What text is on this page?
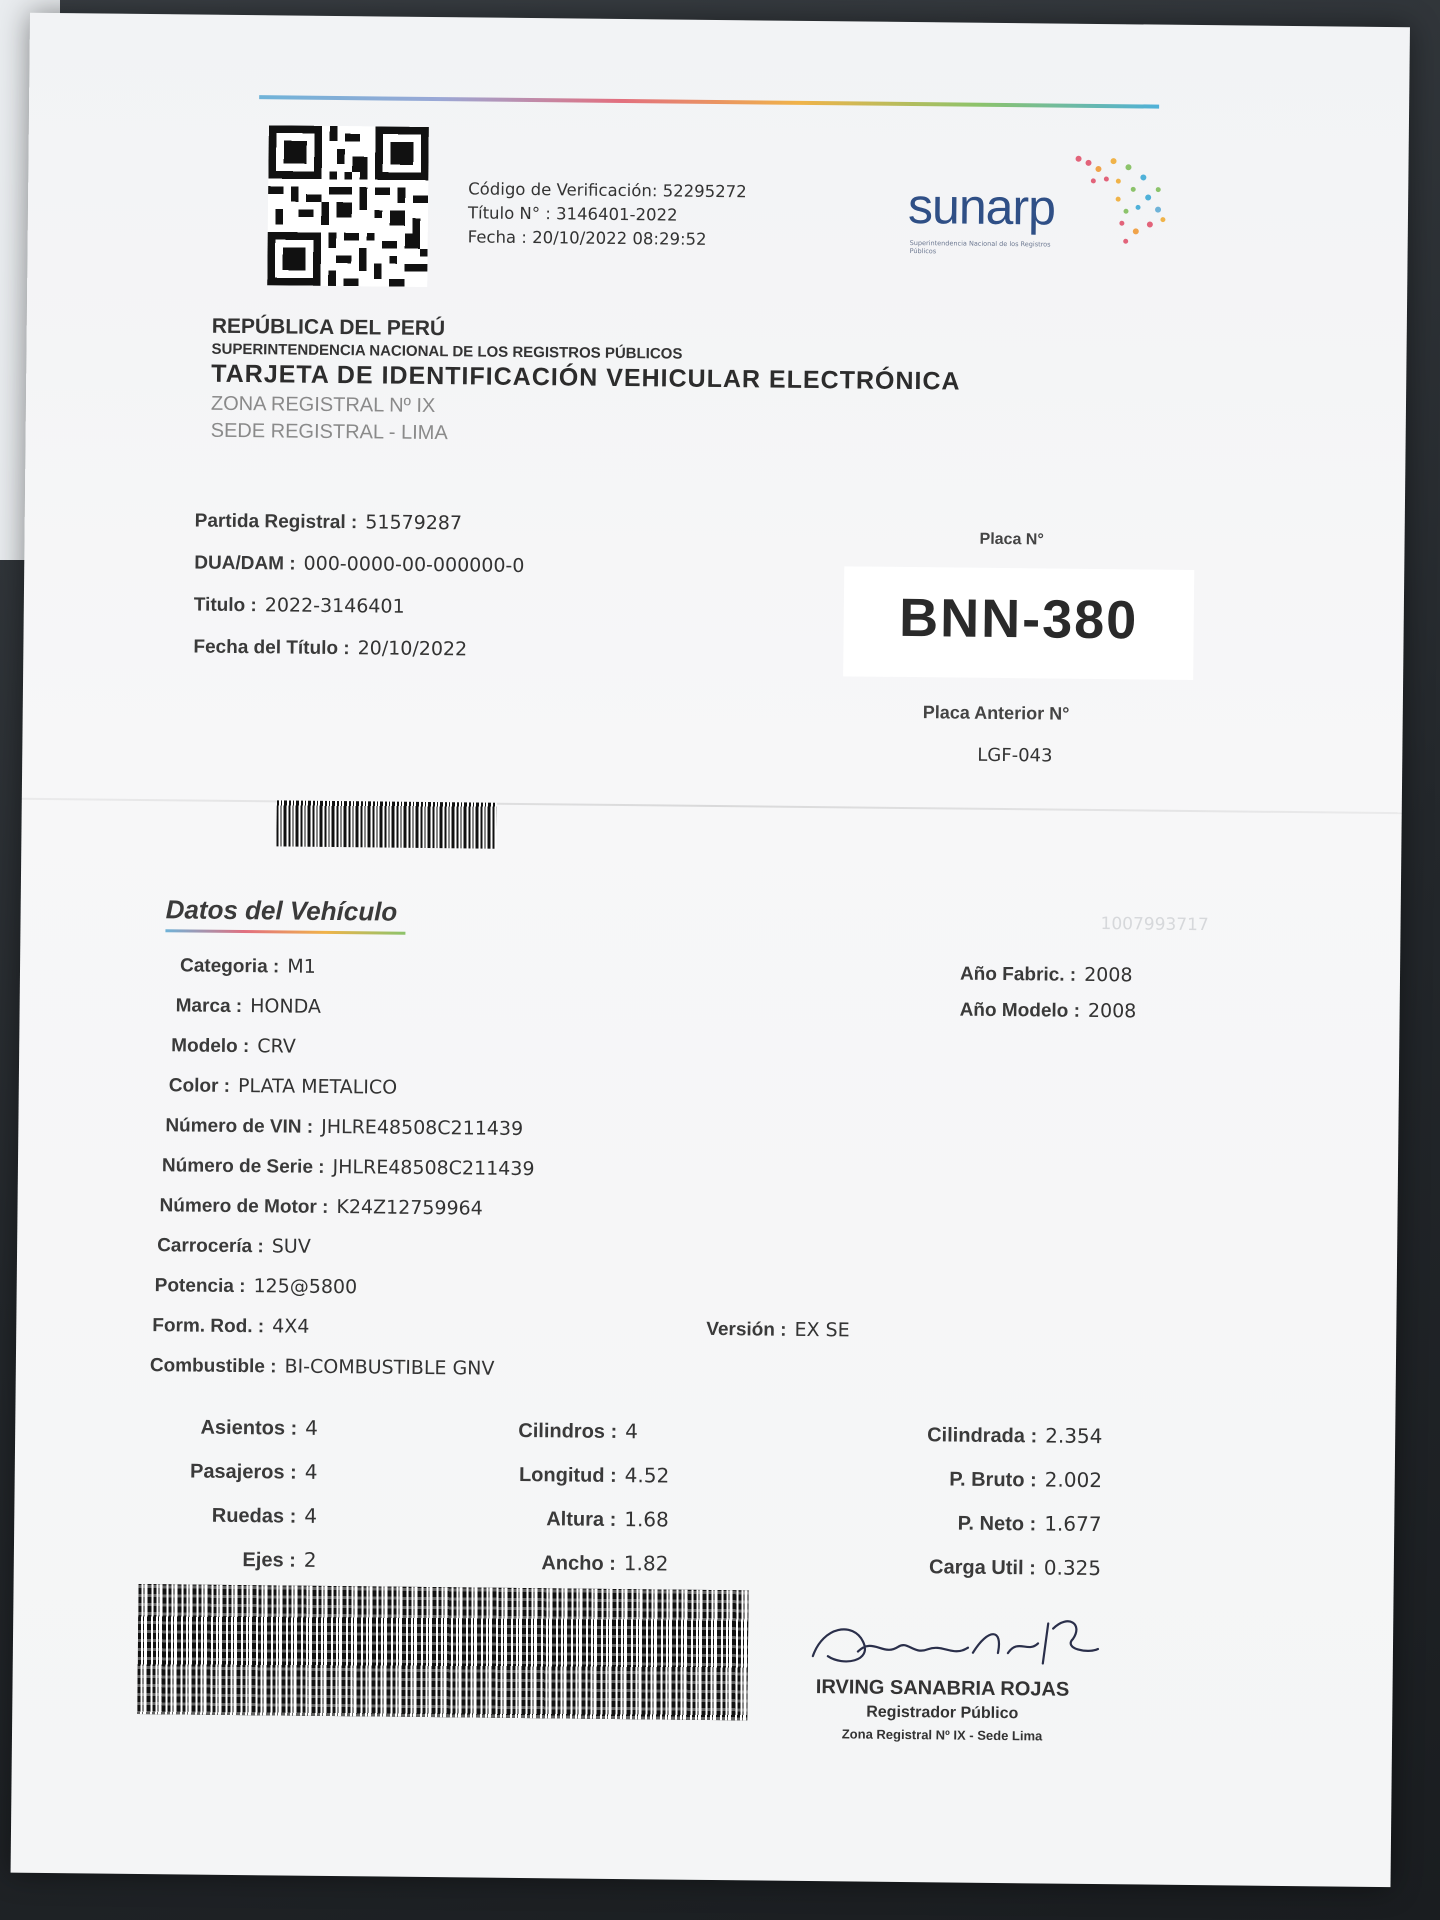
Código de Verificación: 52295272
Título N° : 3146401-2022
Fecha : 20/10/2022 08:29:52
sunarp
Superintendencia Nacional de los Registros Públicos
REPÚBLICA DEL PERÚ
SUPERINTENDENCIA NACIONAL DE LOS REGISTROS PÚBLICOS
TARJETA DE IDENTIFICACIÓN VEHICULAR ELECTRÓNICA
ZONA REGISTRAL Nº IX
SEDE REGISTRAL - LIMA
Partida Registral : 51579287
DUA/DAM : 000-0000-00-000000-0
Titulo : 2022-3146401
Fecha del Título : 20/10/2022
Placa N°
BNN-380
Placa Anterior N°
LGF-043
Datos del Vehículo	1007993717
Categoria : M1
Marca : HONDA
Modelo : CRV
Color : PLATA METALICO
Número de VIN : JHLRE48508C211439
Número de Serie : JHLRE48508C211439
Número de Motor : K24Z12759964
Carrocería : SUV
Potencia : 125@5800
Form. Rod. : 4X4
Combustible : BI-COMBUSTIBLE GNV
Año Fabric. : 2008
Año Modelo : 2008
Versión : EX SE
Asientos : 4
Pasajeros : 4
Ruedas : 4
Ejes : 2
Cilindros : 4
Longitud : 4.52
Altura : 1.68
Ancho : 1.82
Cilindrada : 2.354
P. Bruto : 2.002
P. Neto : 1.677
Carga Util : 0.325
IRVING SANABRIA ROJAS
Registrador Público
Zona Registral Nº IX - Sede Lima
